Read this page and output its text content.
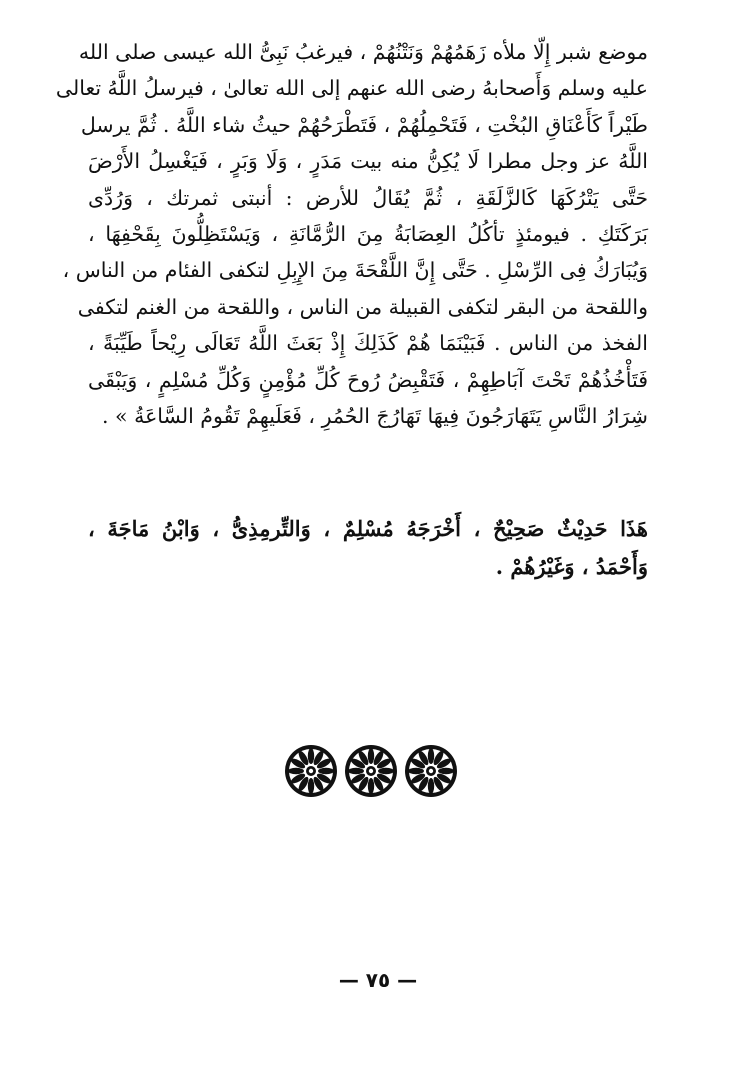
موضع شبر إِلّا ملأه زَهَمُهُمْ وَنَتْنُهُمْ ، فيرغبُ نَبِىُّ الله عيسى صلى الله
عليه وسلم وَأَصحابهُ رضى الله عنهم إلى الله تعالىٰ ، فيرسلُ اللَّهُ تعالى
طَيْراً كَأَعْنَاقِ البُخْتِ ، فَتَحْمِلُهُمْ ، فَتَطْرَحُهُمْ حيثُ شاء اللَّهُ . ثُمَّ يرسل
اللَّهُ عز وجل مطرا لَا يُكِنُّ منه بيت مَدَرٍ ، وَلَا وَبَرٍ ، فَيَغْسِلُ الأَرْضَ
حَتَّى يَتْرُكَهَا كَالزَّلَقَةِ ، ثُمَّ يُقَالُ للأرض : أنبتى ثمرتك ، وَرُدِّى
بَرَكَتَكِ . فيومئذٍ تأكُلُ العِصَابَةُ مِنَ الرُّمَّانَةِ ، وَيَسْتَظِلُّونَ بِقَحْفِهَا ،
وَيُبَارَكُ فِى الرِّسْلِ . حَتَّى إِنَّ اللَّقْحَةَ مِنَ الإِبِلِ لتكفى الفئام من الناس ،
واللقحة من البقر لتكفى القبيلة من الناس ، واللقحة من الغنم لتكفى
الفخذ من الناس . فَبَيْنَمَا هُمْ كَذَلِكَ إِذْ بَعَثَ اللَّهُ تَعَالَى رِيْحاً طَيِّبَةً ،
فَتَأْخُذُهُمْ تَحْتَ آبَاطِهِمْ ، فَتَقْبِضُ رُوحَ كُلِّ مُؤْمِنٍ وَكُلِّ مُسْلِمٍ ، وَيَبْقَى
شِرَارُ النَّاسِ يَتَهَارَجُونَ فِيهَا تَهَارُجَ الحُمُرِ ، فَعَلَيهِمْ تَقُومُ السَّاعَةُ » .
هَذَا حَدِيْثٌ صَحِيْحٌ ، أَخْرَجَهُ مُسْلِمٌ ، وَالتِّرمِذِىُّ ، وَابْنُ مَاجَةَ ،
وَأَحْمَدُ ، وَغَيْرُهُمْ .
— ٧٥ —
